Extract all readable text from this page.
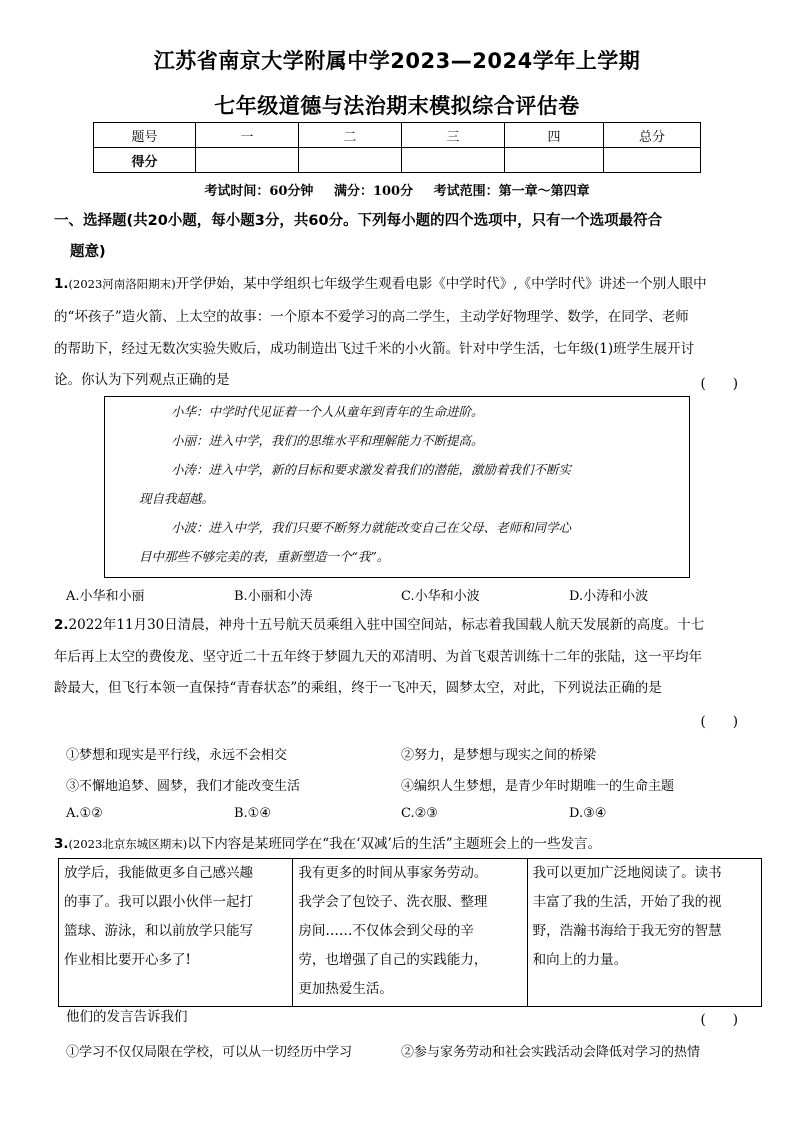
江苏省南京大学附属中学2023—2024学年上学期
七年级道德与法治期末模拟综合评估卷
题号	一	二	三	四	总分
得分					
考试时间：60分钟 满分：100分 考试范围：第一章～第四章
一、选择题(共20小题，每小题3分，共60分。下列每小题的四个选项中，只有一个选项最符合
题意)
1.(2023河南洛阳期末)开学伊始，某中学组织七年级学生观看电影《中学时代》,《中学时代》讲述一个别人眼中
的“坏孩子”造火箭、上太空的故事：一个原本不爱学习的高二学生，主动学好物理学、数学，在同学、老师
的帮助下，经过无数次实验失败后，成功制造出飞过千米的小火箭。针对中学生活，七年级(1)班学生展开讨
论。你认为下列观点正确的是	(　　)
小华：中学时代见证着一个人从童年到青年的生命进阶。
小丽：进入中学，我们的思维水平和理解能力不断提高。
小涛：进入中学，新的目标和要求激发着我们的潜能，激励着我们不断实
现自我超越。
小波：进入中学，我们只要不断努力就能改变自己在父母、老师和同学心
目中那些不够完美的表，重新塑造一个“我”。
A.小华和小丽	B.小丽和小涛	C.小华和小波	D.小涛和小波
2.2022年11月30日清晨，神舟十五号航天员乘组入驻中国空间站，标志着我国载人航天发展新的高度。十七
年后再上太空的费俊龙、坚守近二十五年终于梦圆九天的邓清明、为首飞艰苦训练十二年的张陆，这一平均年
龄最大，但飞行本领一直保持“青春状态”的乘组，终于一飞冲天，圆梦太空，对此，下列说法正确的是
(　　)
①梦想和现实是平行线，永远不会相交	②努力，是梦想与现实之间的桥梁
③不懈地追梦、圆梦，我们才能改变生活	④编织人生梦想，是青少年时期唯一的生命主题
A.①②	B.①④	C.②③	D.③④
3.(2023北京东城区期末)以下内容是某班同学在“我在‘双减’后的生活”主题班会上的一些发言。
放学后，我能做更多自己感兴趣
的事了。我可以跟小伙伴一起打
篮球、游泳，和以前放学只能写
作业相比要开心多了!

我有更多的时间从事家务劳动。
我学会了包饺子、洗衣服、整理
房间……不仅体会到父母的辛
劳，也增强了自己的实践能力，
更加热爱生活。

我可以更加广泛地阅读了。读书
丰富了我的生活，开始了我的视
野，浩瀚书海给于我无穷的智慧
和向上的力量。
他们的发言告诉我们	(　　)
①学习不仅仅局限在学校，可以从一切经历中学习	②参与家务劳动和社会实践活动会降低对学习的热情
